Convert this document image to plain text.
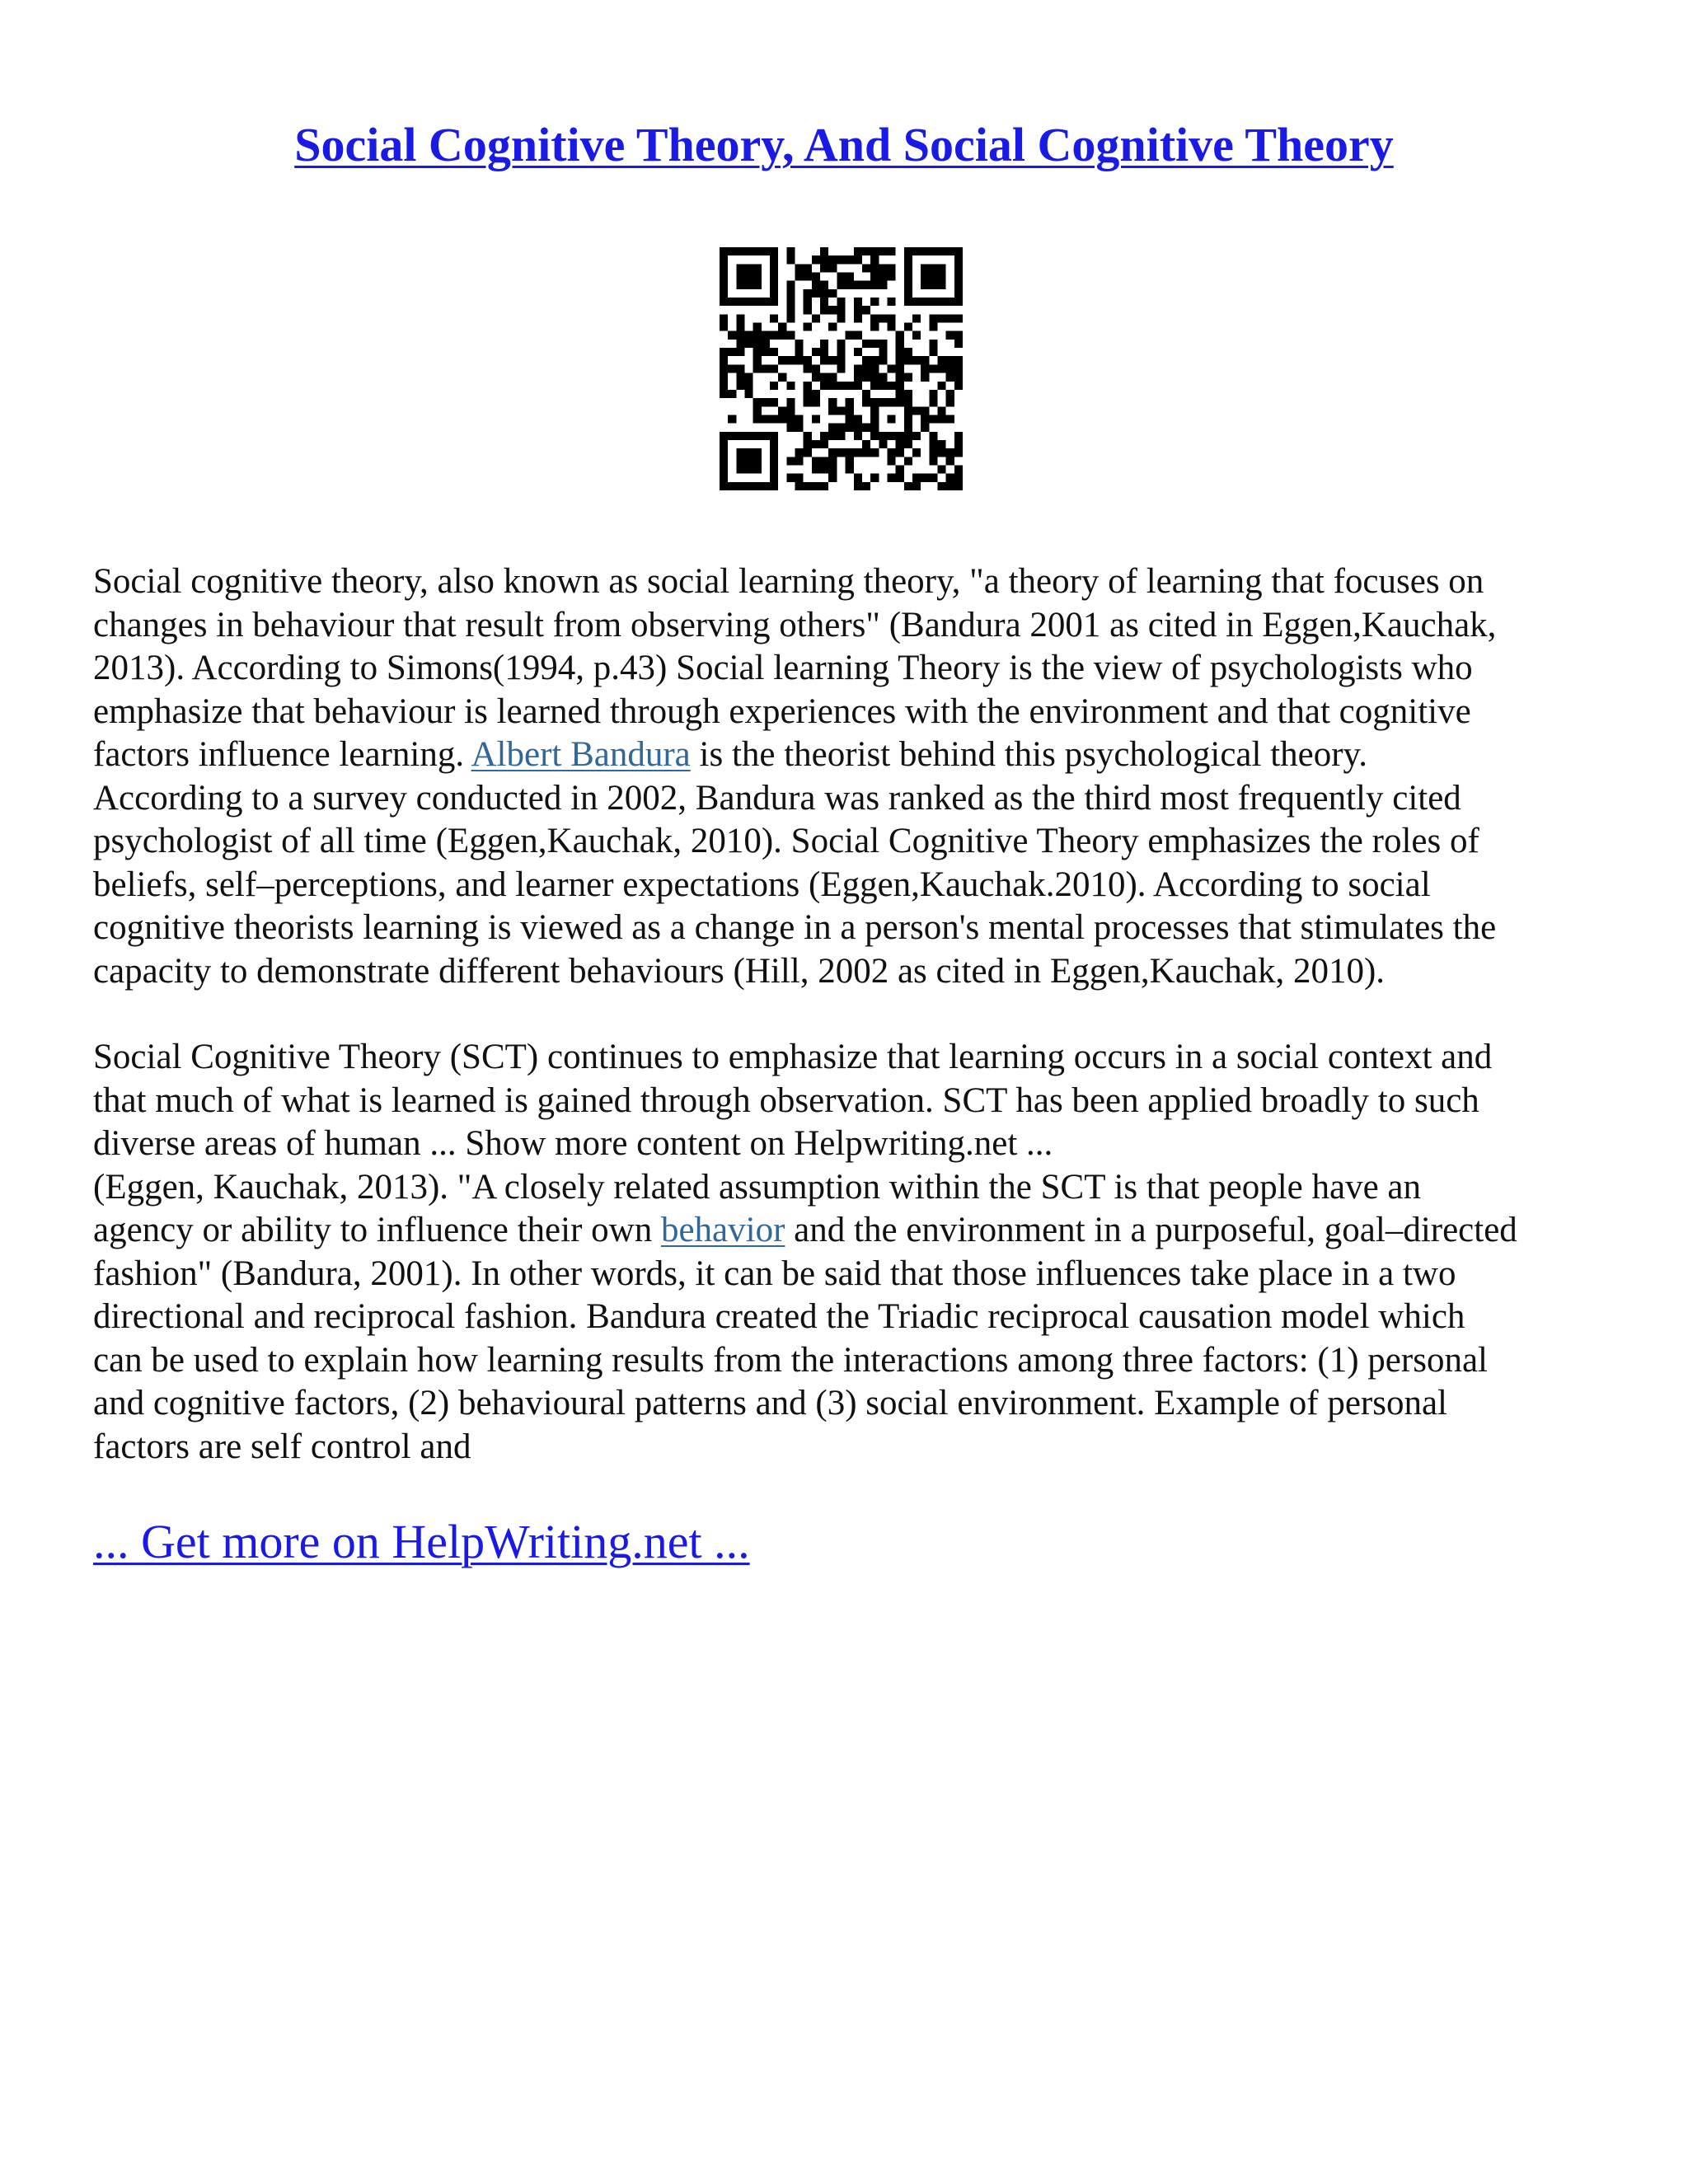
Social Cognitive Theory, And Social Cognitive Theory

Social cognitive theory, also known as social learning theory, "a theory of learning that focuses on
changes in behaviour that result from observing others" (Bandura 2001 as cited in Eggen,Kauchak,
2013). According to Simons(1994, p.43) Social learning Theory is the view of psychologists who
emphasize that behaviour is learned through experiences with the environment and that cognitive
factors influence learning. Albert Bandura is the theorist behind this psychological theory.
According to a survey conducted in 2002, Bandura was ranked as the third most frequently cited
psychologist of all time (Eggen,Kauchak, 2010). Social Cognitive Theory emphasizes the roles of
beliefs, self–perceptions, and learner expectations (Eggen,Kauchak.2010). According to social
cognitive theorists learning is viewed as a change in a person's mental processes that stimulates the
capacity to demonstrate different behaviours (Hill, 2002 as cited in Eggen,Kauchak, 2010).

Social Cognitive Theory (SCT) continues to emphasize that learning occurs in a social context and
that much of what is learned is gained through observation. SCT has been applied broadly to such
diverse areas of human ... Show more content on Helpwriting.net ...
(Eggen, Kauchak, 2013). "A closely related assumption within the SCT is that people have an
agency or ability to influence their own behavior and the environment in a purposeful, goal–directed
fashion" (Bandura, 2001). In other words, it can be said that those influences take place in a two
directional and reciprocal fashion. Bandura created the Triadic reciprocal causation model which
can be used to explain how learning results from the interactions among three factors: (1) personal
and cognitive factors, (2) behavioural patterns and (3) social environment. Example of personal
factors are self control and

... Get more on HelpWriting.net ...
